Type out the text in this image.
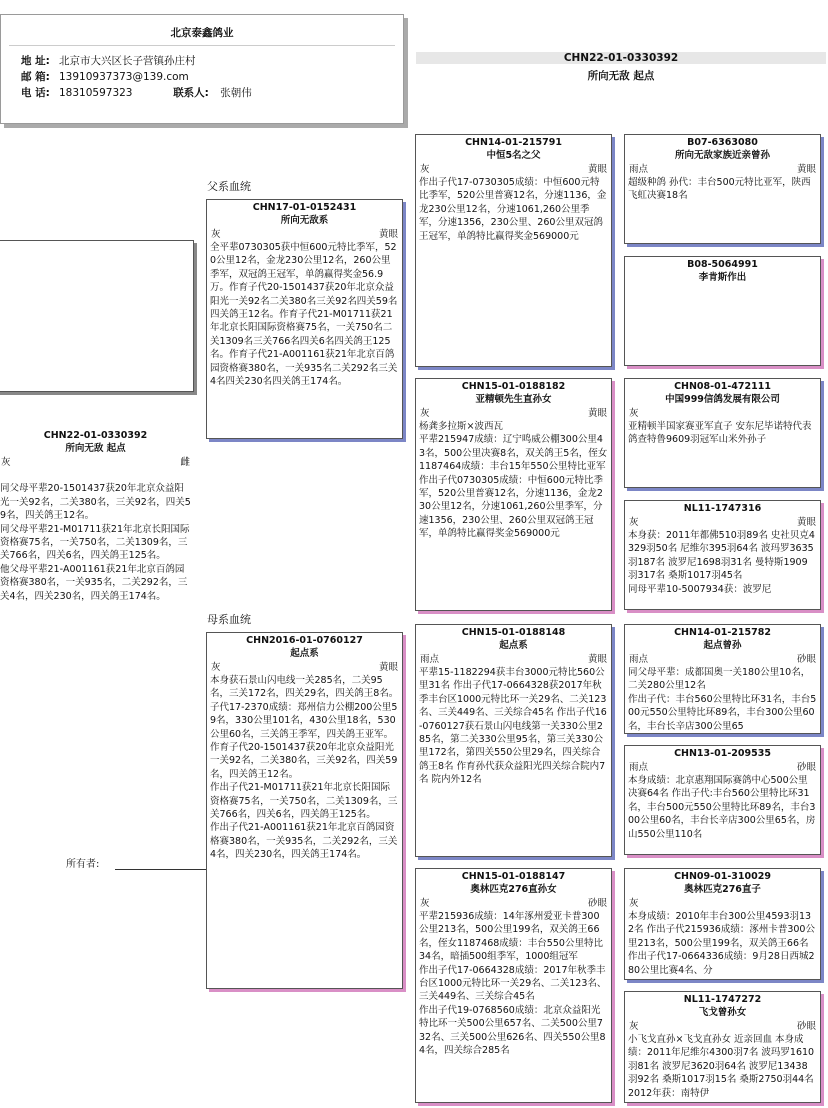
北京泰鑫鸽业
地 址: 北京市大兴区长子营镇孙庄村
邮 箱: 13910937373@139.com
电 话: 18310597323	联系人: 张朝伟
CHN22-01-0330392
所向无敌 起点
父系血统
母系血统
CHN22-01-0330392
所向无敌 起点
灰	雌

同父母平辈20-1501437获20年北京众益阳光一关92名，二关380名，三关92名，四关59名，四关鸽王12名。
同父母平辈21-M01711获21年北京长阳国际资格赛75名，一关750名，二关1309名，三关766名，四关6名，四关鸽王125名。
他父母平辈21-A001161获21年北京百鸽园资格赛380名，一关935名，二关292名，三关4名，四关230名，四关鸽王174名。
所有者:
CHN17-01-0152431
所向无敌系
灰	黄眼
全平辈0730305获中恒600元特比季军，520公里12名，金龙230公里12名，260公里季军，双冠鸽王冠军，单鸽赢得奖金56.9万。作育子代20-1501437获20年北京众益阳光一关92名二关380名三关92名四关59名四关鸽王12名。作育子代21-M01711获21年北京长阳国际资格赛75名，一关750名二关1309名三关766名四关6名四关鸽王125名。作育子代21-A001161获21年北京百鸽园资格赛380名，一关935名二关292名三关4名四关230名四关鸽王174名。
CHN2016-01-0760127
起点系
灰	黄眼
本身获石景山闪电线一关285名，二关95名，三关172名，四关29名，四关鸽王8名。
子代17-2370成绩：郑州信力公棚200公里59名，330公里101名，430公里18名，530公里60名，三关鸽王季军，四关鸽王亚军。
作育子代20-1501437获20年北京众益阳光一关92名，二关380名，三关92名，四关59名，四关鸽王12名。
作出子代21-M01711获21年北京长阳国际资格赛75名，一关750名，二关1309名，三关766名，四关6名，四关鸽王125名。
作出子代21-A001161获21年北京百鸽园资格赛380名，一关935名，二关292名，三关4名，四关230名，四关鸽王174名。
CHN14-01-215791
中恒5名之父
灰	黄眼
作出子代17-0730305成绩：中恒600元特比季军，520公里普赛12名，分速1136，金龙230公里12名，分速1061,260公里季军，分速1356，230公里、260公里双冠鸽王冠军，单鸽特比赢得奖金569000元
CHN15-01-0188182
亚精顿先生直孙女
灰	黄眼
杨龚多拉斯×波西瓦
平辈215947成绩：辽宁鸣威公棚300公里43名，500公里决赛8名，双关鸽王5名，侄女1187464成绩：丰台15年550公里特比亚军
作出子代0730305成绩：中恒600元特比季军，520公里普赛12名，分速1136，金龙230公里12名，分速1061,260公里季军，分速1356，230公里、260公里双冠鸽王冠军，单鸽特比赢得奖金569000元
CHN15-01-0188148
起点系
雨点	黄眼
平辈15-1182294获丰台3000元特比560公里31名 作出子代17-0664328获2017年秋季丰台区1000元特比环一关29名、二关123名、三关449名、三关综合45名 作出子代16-0760127获石景山闪电线第一关330公里285名，第二关330公里95名，第三关330公里172名，第四关550公里29名，四关综合鸽王8名 作育孙代获众益阳光四关综合院内7名 院内外12名
CHN15-01-0188147
奥林匹克276直孙女
灰	砂眼
平辈215936成绩：14年涿州爱亚卡普300公里213名，500公里199名，双关鸽王66名，侄女1187468成绩：丰台550公里特比34名，暗插500组季军，1000组冠军
作出子代17-0664328成绩：2017年秋季丰台区1000元特比环一关29名、二关123名、三关449名、三关综合45名
作出子代19-0768560成绩：北京众益阳光特比环一关500公里657名、二关500公里732名、三关500公里626名、四关550公里84名，四关综合285名
B07-6363080
所向无敌家族近亲曾孙
雨点	黄眼
超级种鸽 孙代：丰台500元特比亚军，陕西飞虹决赛18名
B08-5064991
李肯斯作出
CHN08-01-472111
中国999信鸽发展有限公司
灰
亚精顿半国家赛亚军直子 安东尼毕诺特代表鸽查特鲁9609羽冠军山米外孙子
NL11-1747316
灰	黄眼
本身获：2011年都佛510羽89名 史社贝克4329羽50名 尼维尔395羽64名 波玛罗3635羽187名 波罗尼1698羽31名 曼特斯1909羽317名 桑斯1017羽45名
同母平辈10-5007934获：波罗尼
CHN14-01-215782
起点曾孙
雨点	砂眼
同父母平辈：成都国奥一关180公里10名，二关280公里12名
作出子代：丰台560公里特比环31名，丰台500元550公里特比环89名，丰台300公里60名，丰台长辛店300公里65
CHN13-01-209535
雨点	砂眼
本身成绩：北京惠翔国际赛鸽中心500公里决赛64名 作出子代:丰台560公里特比环31名，丰台500元550公里特比环89名，丰台300公里60名，丰台长辛店300公里65名，房山550公里110名
CHN09-01-310029
奥林匹克276直子
灰
本身成绩：2010年丰台300公里4593羽132名 作出子代215936成绩：涿州卡普300公里213名，500公里199名，双关鸽王66名 作出子代17-0664336成绩：9月28日西城280公里比赛4名、分
NL11-1747272
飞戈曾孙女
灰	砂眼
小飞戈直孙×飞戈直孙女 近亲回血 本身成绩：2011年尼维尔4300羽7名 波玛罗1610羽81名 波罗尼3620羽64名 波罗尼13438羽92名 桑斯1017羽15名 桑斯2750羽44名 2012年获：南特伊
